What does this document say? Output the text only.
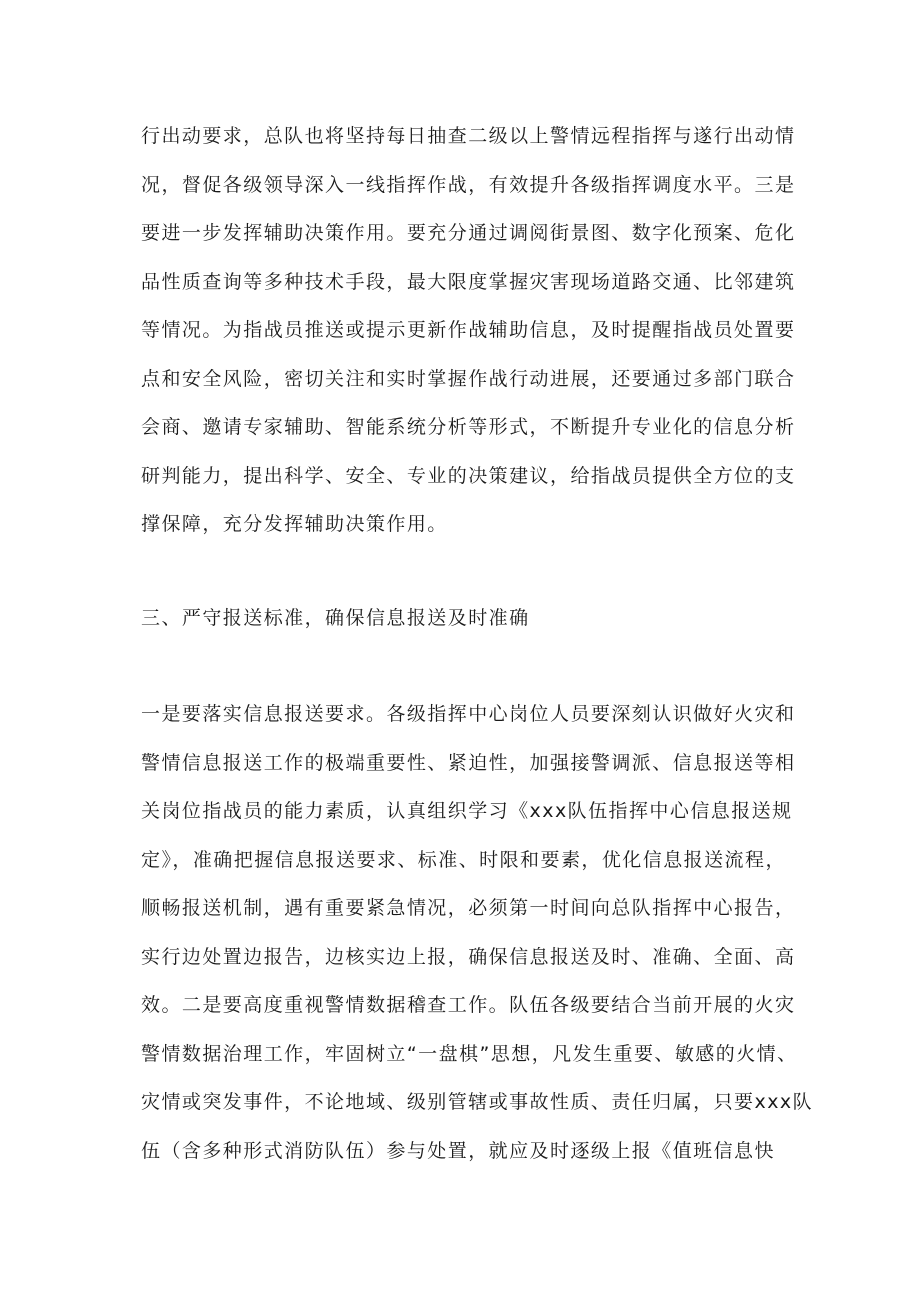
行出动要求，总队也将坚持每日抽查二级以上警情远程指挥与遂行出动情
况，督促各级领导深入一线指挥作战，有效提升各级指挥调度水平。三是
要进一步发挥辅助决策作用。要充分通过调阅街景图、数字化预案、危化
品性质查询等多种技术手段，最大限度掌握灾害现场道路交通、比邻建筑
等情况。为指战员推送或提示更新作战辅助信息，及时提醒指战员处置要
点和安全风险，密切关注和实时掌握作战行动进展，还要通过多部门联合
会商、邀请专家辅助、智能系统分析等形式，不断提升专业化的信息分析
研判能力，提出科学、安全、专业的决策建议，给指战员提供全方位的支
撑保障，充分发挥辅助决策作用。
三、严守报送标准，确保信息报送及时准确
一是要落实信息报送要求。各级指挥中心岗位人员要深刻认识做好火灾和
警情信息报送工作的极端重要性、紧迫性，加强接警调派、信息报送等相
关岗位指战员的能力素质，认真组织学习《xxx队伍指挥中心信息报送规
定》，准确把握信息报送要求、标准、时限和要素，优化信息报送流程，
顺畅报送机制，遇有重要紧急情况，必须第一时间向总队指挥中心报告，
实行边处置边报告，边核实边上报，确保信息报送及时、准确、全面、高
效。二是要高度重视警情数据稽查工作。队伍各级要结合当前开展的火灾
警情数据治理工作，牢固树立“一盘棋”思想，凡发生重要、敏感的火情、
灾情或突发事件，不论地域、级别管辖或事故性质、责任归属，只要xxx队
伍（含多种形式消防队伍）参与处置，就应及时逐级上报《值班信息快
